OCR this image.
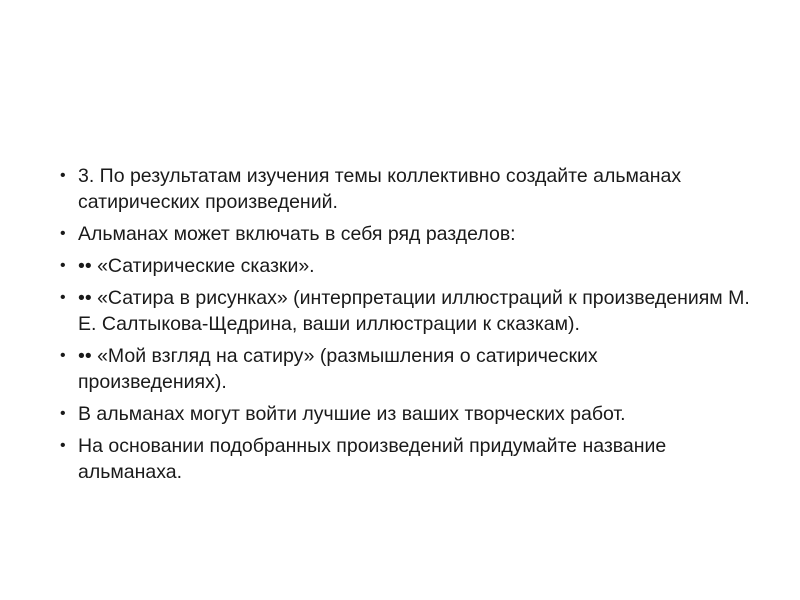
• 3. По результатам изучения темы коллективно создайте альманах сатирических произведений.
• Альманах может включать в себя ряд разделов:
• •• «Сатирические сказки».
• •• «Сатира в рисунках» (интерпретации иллюстраций к произведениям М. Е. Салтыкова-Щедрина, ваши иллюстрации к сказкам).
• •• «Мой взгляд на сатиру» (размышления о сатирических произведениях).
• В альманах могут войти лучшие из ваших творческих работ.
• На основании подобранных произведений придумайте название альманаха.
